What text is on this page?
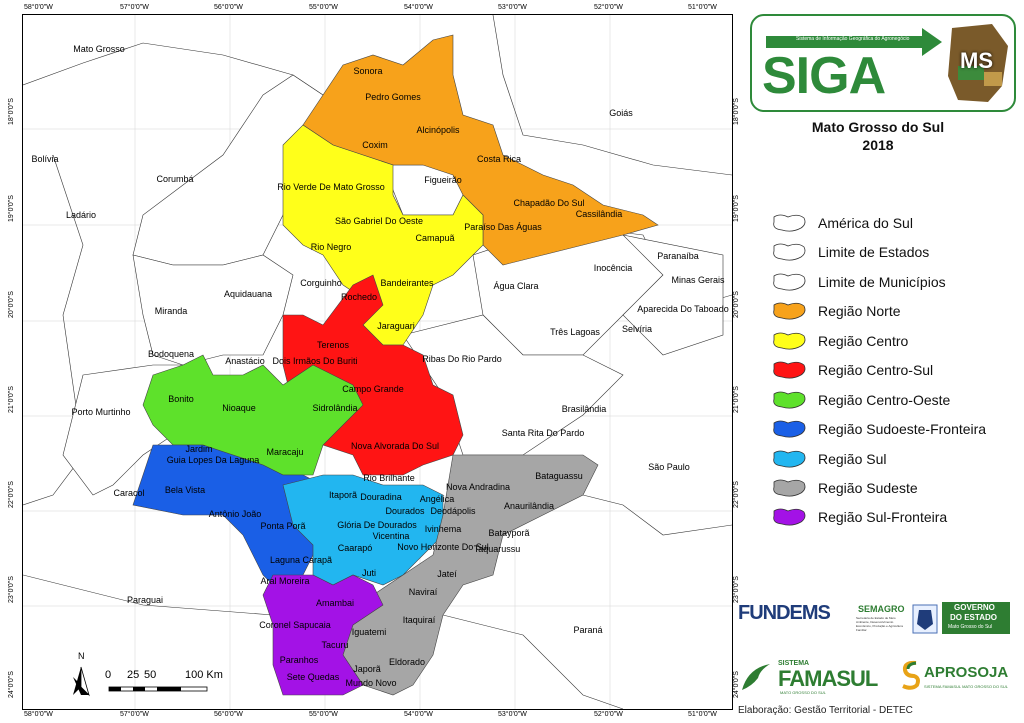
58°0'0"W	57°0'0"W	56°0'0"W	55°0'0"W	54°0'0"W	53°0'0"W	52°0'0"W	51°0'0"W
58°0'0"W	57°0'0"W	56°0'0"W	55°0'0"W	54°0'0"W	53°0'0"W	52°0'0"W	51°0'0"W
18°0'0"S
19°0'0"S
20°0'0"S
21°0'0"S
22°0'0"S
23°0'0"S
24°0'0"S
18°0'0"S
19°0'0"S
20°0'0"S
21°0'0"S
22°0'0"S
23°0'0"S
24°0'0"S
Mato Grosso
Goiás
Bolívia
Ladário
Corumbá
São Paulo
Paraguai
Paraná
Minas Gerais
Figueirão
Rio Negro
Corguinho
Aquidauana
Miranda
Bodoquena
Anastácio
Porto Murtinho
Caracol
Água Clara
Inocência
Paranaíba
Aparecida Do Taboado
Três Lagoas Selvíria
Ribas Do Rio Pardo
Brasilândia
Santa Rita Do Pardo
Sonora
Pedro Gomes
Alcinópolis
Coxim
Costa Rica
Chapadão Do Sul
Cassilândia
Paraíso Das Águas
Rio Verde De Mato Grosso
São Gabriel Do Oeste
Camapuã
Bandeirantes
Jaraguari
Rochedo
Terenos
Dois Irmãos Do Buriti
Campo Grande
Nova Alvorada Do Sul
Rio Brilhante
Bonito
Nioaque	Sidrolândia
Jardim
Guia Lopes Da Laguna
Maracaju
Bela Vista
Antônio João
Ponta Porã
Laguna Carapã
Aral Moreira
Itaporã Douradina
Dourados Deodápolis
Glória De Dourados
Vicentina
Caarapó
Juti
Bataguassu
Nova Andradina
Anaurilândia
Angélica
Ivinhema	Batayporã
Taquarussu
Novo Horizonte Do Sul
Jateí
Naviraí
Itaquiraí
Iguatemi
Eldorado
Mundo Novo
Japorã
Amambai
Coronel Sapucaia
Tacuru
Paranhos
Sete Quedas
N
0 25 50	100 Km
Sistema de Informação Geográfica do Agronegócio
SIGA	MS
Mato Grosso do Sul
2018
América do Sul
Limite de Estados
Limite de Municípios
Região Norte
Região Centro
Região Centro-Sul
Região Centro-Oeste
Região Sudoeste-Fronteira
Região Sul
Região Sudeste
Região Sul-Fronteira
FUNDEMS	SEMAGRO
Secretaria de Estado de Meio Ambiente, Desenvolvimento Econômico, Produção e Agricultura Familiar
GOVERNO
DO ESTADO
Mato Grosso do Sul
SISTEMA
FAMASUL
MATO GROSSO DO SUL
APROSOJA
SISTEMA FAMASUL MATO GROSSO DO SUL
Elaboração: Gestão Territorial - DETEC
